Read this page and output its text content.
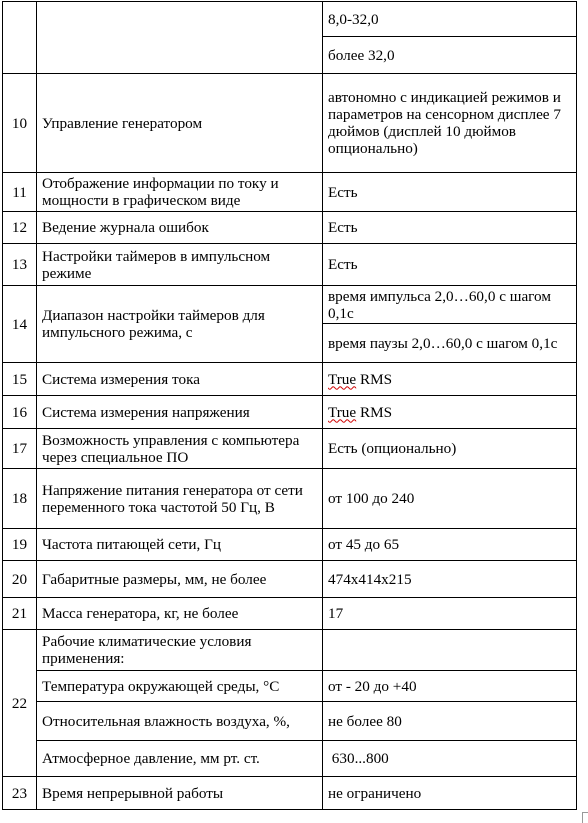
		8,0-32,0
		более 32,0
10	Управление генератором	автономно с индикацией режимов и параметров на сенсорном дисплее 7 дюймов (дисплей 10 дюймов опционально)
11	Отображение информации по току и мощности в графическом виде	Есть
12	Ведение журнала ошибок	Есть
13	Настройки таймеров в импульсном режиме	Есть
14	Диапазон настройки таймеров для импульсного режима, с	время импульса 2,0…60,0 с шагом 0,1с
		время паузы 2,0…60,0 с шагом 0,1с
15	Система измерения тока	True RMS
16	Система измерения напряжения	True RMS
17	Возможность управления с компьютера через специальное ПО	Есть (опционально)
18	Напряжение питания генератора от сети переменного тока частотой 50 Гц, В	от 100 до 240
19	Частота питающей сети, Гц	от 45 до 65
20	Габаритные размеры, мм, не более	474x414x215
21	Масса генератора, кг, не более	17
22	Рабочие климатические условия применения:	
	Температура окружающей среды, °С	от - 20 до +40
	Относительная влажность воздуха, %,	не более 80
	Атмосферное давление, мм рт. ст.	630...800
23	Время непрерывной работы	не ограничено
